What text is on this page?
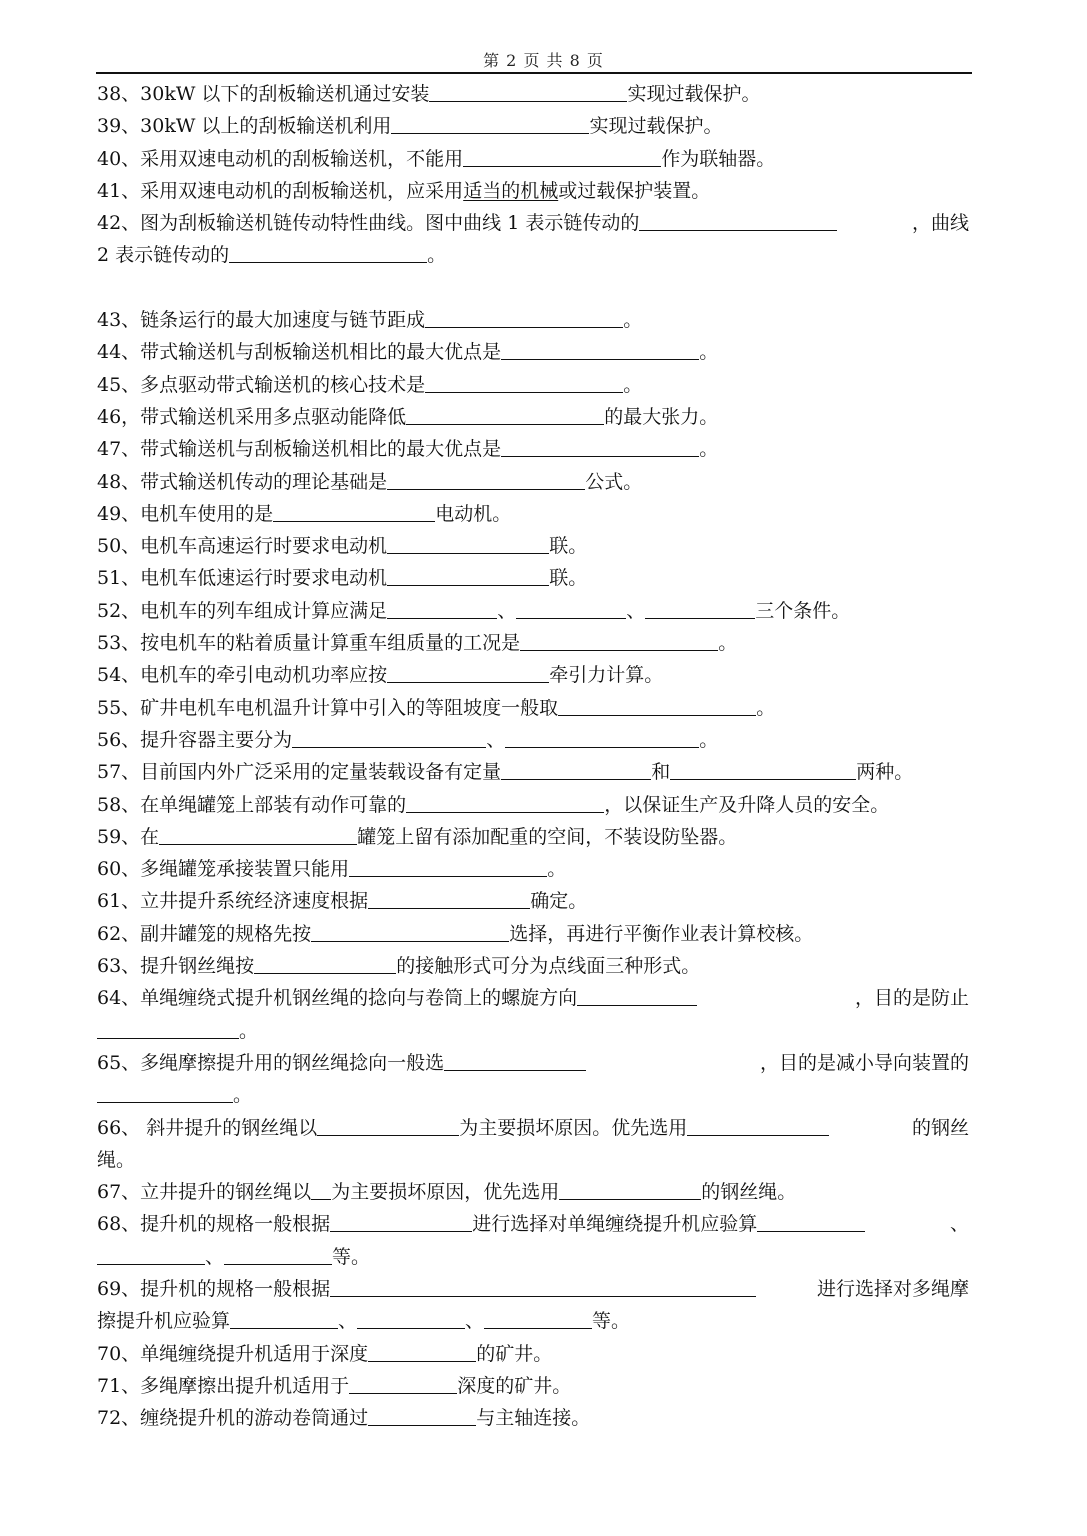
第 2 页 共 8 页
38、30kW 以下的刮板输送机通过安装	实现过载保护。
39、30kW 以上的刮板输送机利用	实现过载保护。
40、采用双速电动机的刮板输送机，不能用	作为联轴器。
41、采用双速电动机的刮板输送机，应采用适当的机械或过载保护装置。
42、图为刮板输送机链传动特性曲线。图中曲线 1 表示链传动的	，曲线
2 表示链传动的	。
43、链条运行的最大加速度与链节距成	。
44、带式输送机与刮板输送机相比的最大优点是	。
45、多点驱动带式输送机的核心技术是	。
46，带式输送机采用多点驱动能降低	的最大张力。
47、带式输送机与刮板输送机相比的最大优点是	。
48、带式输送机传动的理论基础是	公式。
49、电机车使用的是	电动机。
50、电机车高速运行时要求电动机	联。
51、电机车低速运行时要求电动机	联。
52、电机车的列车组成计算应满足	、	、	三个条件。
53、按电机车的粘着质量计算重车组质量的工况是	。
54、电机车的牵引电动机功率应按	牵引力计算。
55、矿井电机车电机温升计算中引入的等阻坡度一般取	。
56、提升容器主要分为	、	。
57、目前国内外广泛采用的定量装载设备有定量	和	两种。
58、在单绳罐笼上部装有动作可靠的	，以保证生产及升降人员的安全。
59、在	罐笼上留有添加配重的空间，不装设防坠器。
60、多绳罐笼承接装置只能用	。
61、立井提升系统经济速度根据	确定。
62、副井罐笼的规格先按	选择，再进行平衡作业表计算校核。
63、提升钢丝绳按	的接触形式可分为点线面三种形式。
64、单绳缠绕式提升机钢丝绳的捻向与卷筒上的螺旋方向	，目的是防止
。
65、多绳摩擦提升用的钢丝绳捻向一般选	，目的是减小导向装置的
。
66、 斜井提升的钢丝绳以	为主要损坏原因。优先选用	的钢丝
绳。
67、立井提升的钢丝绳以 为主要损坏原因，优先选用	的钢丝绳。
68、提升机的规格一般根据	进行选择对单绳缠绕提升机应验算	、
、	等。
69、提升机的规格一般根据	进行选择对多绳摩
擦提升机应验算	、	、	等。
70、单绳缠绕提升机适用于深度	的矿井。
71、多绳摩擦出提升机适用于	深度的矿井。
72、缠绕提升机的游动卷筒通过	与主轴连接。
